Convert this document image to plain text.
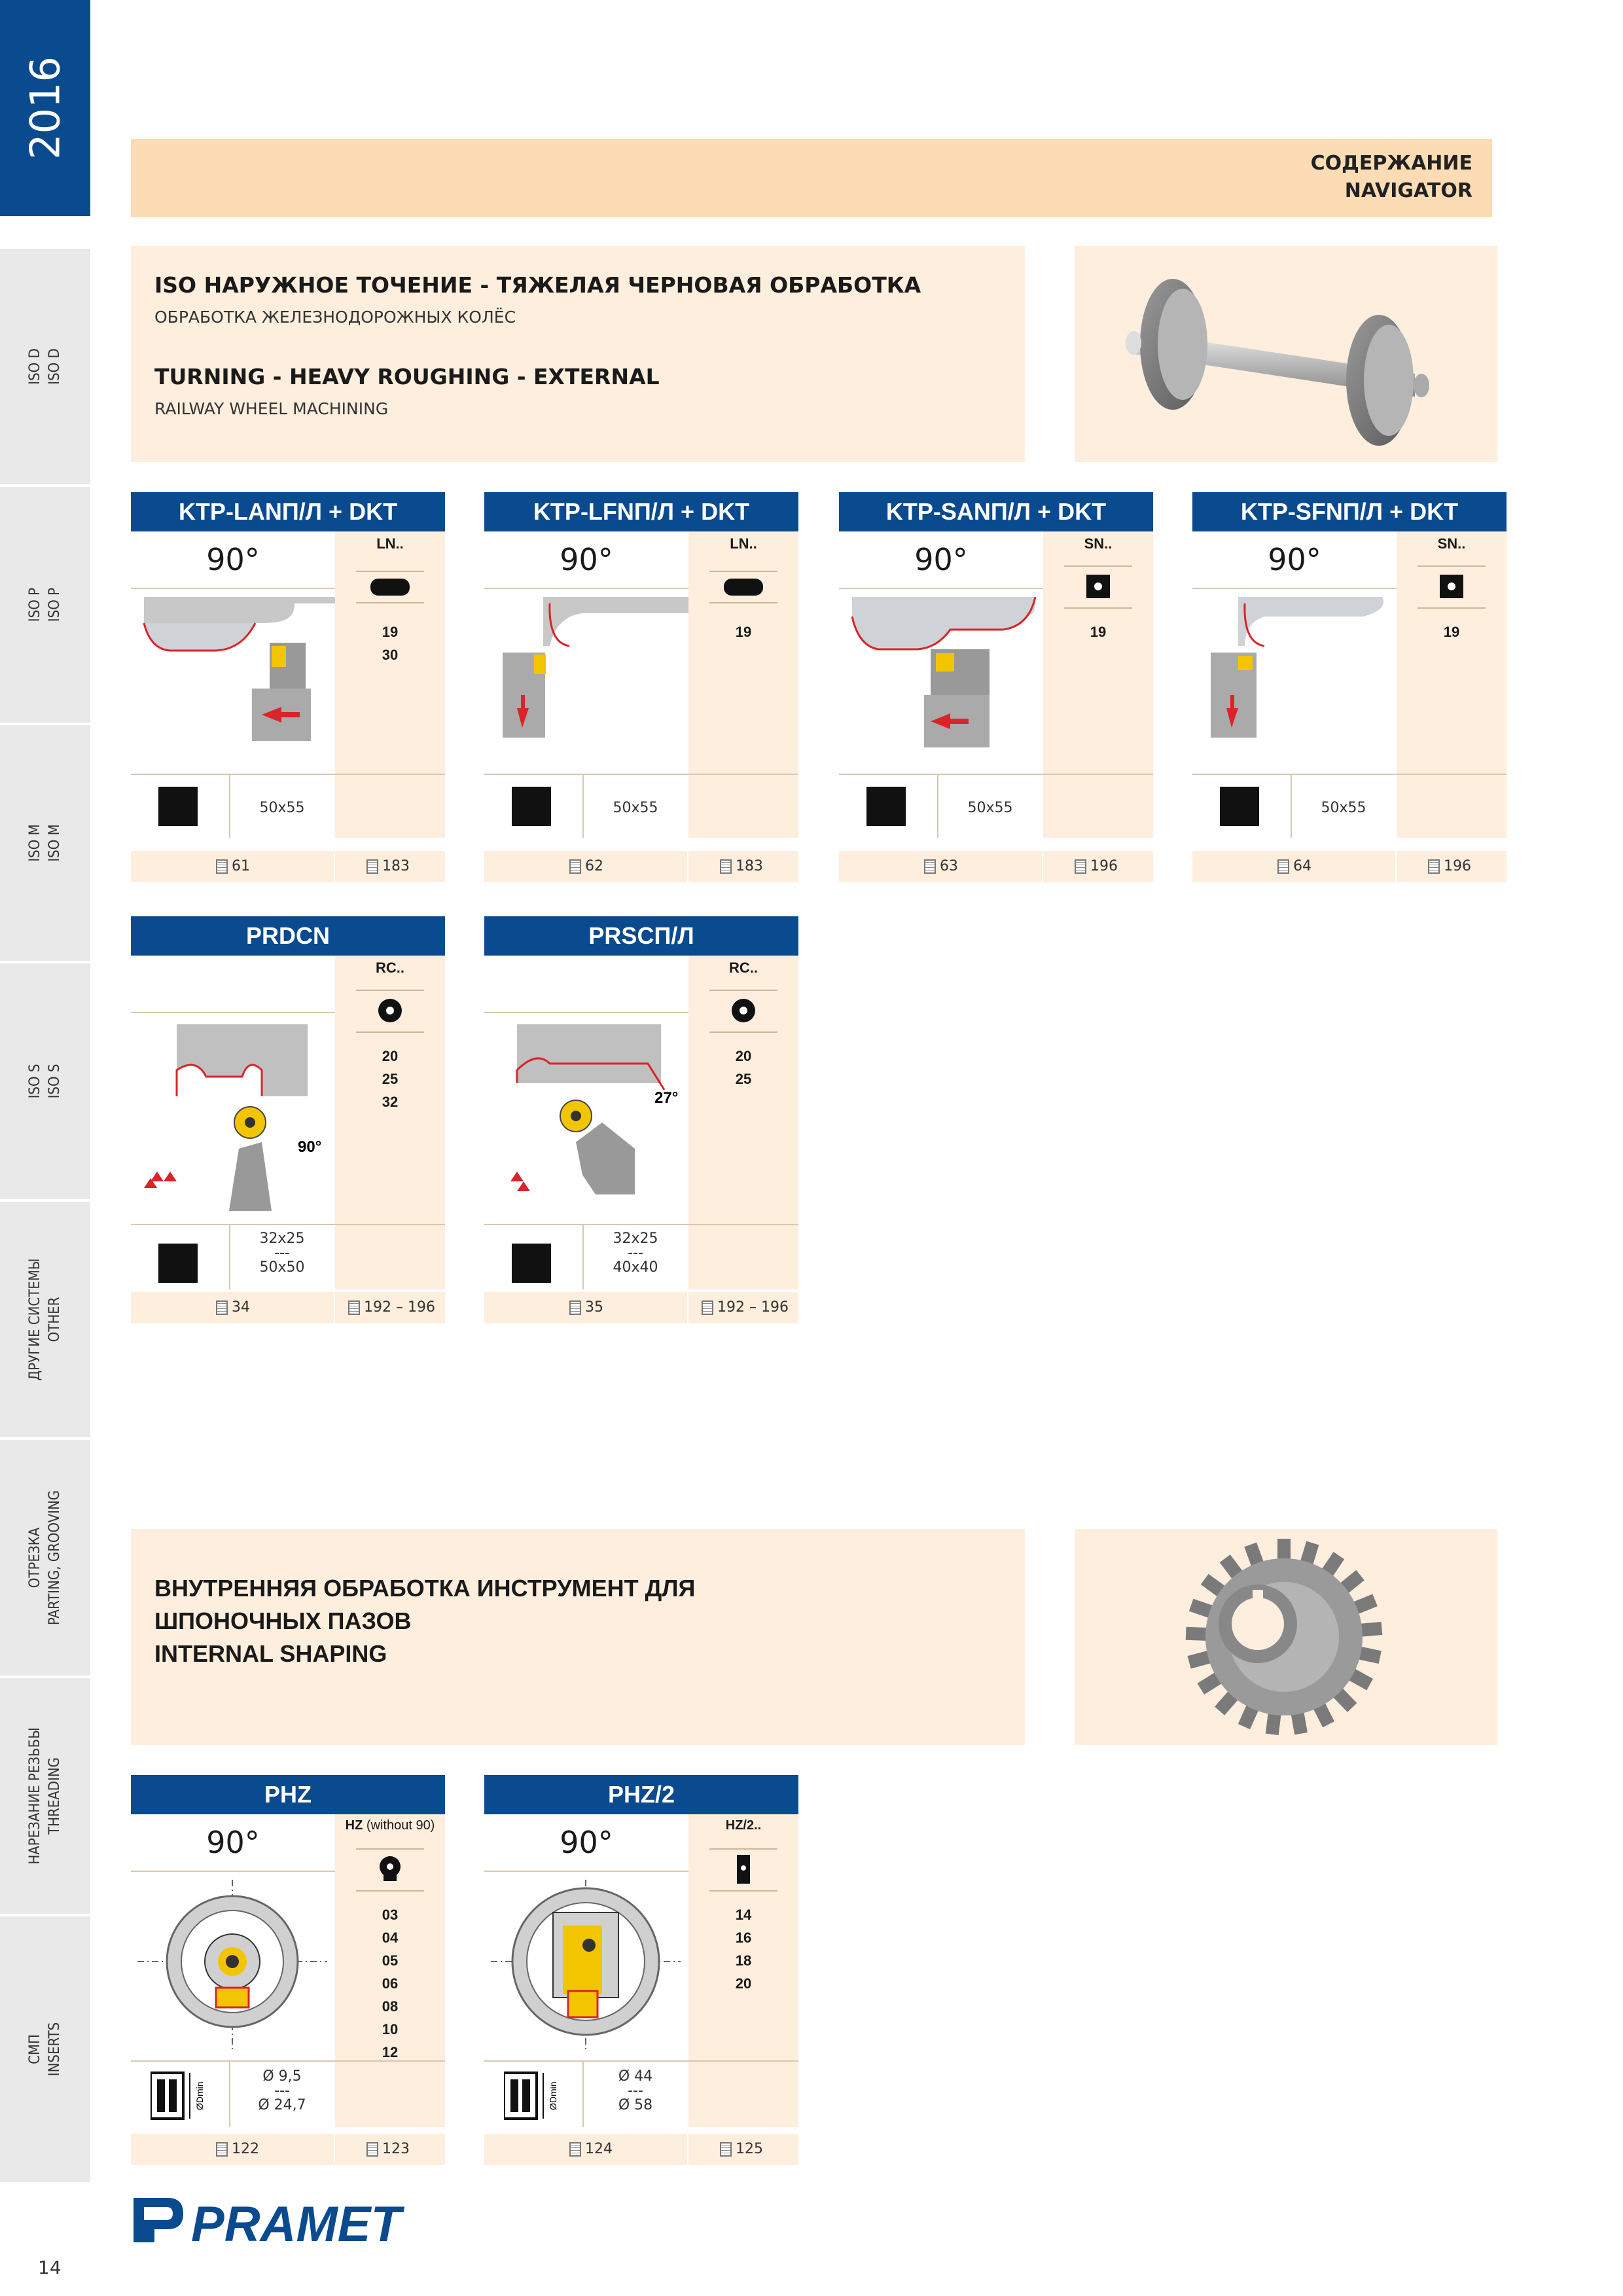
2016
ISO D ISO D
ISO P ISO P
ISO M ISO M
ISO S ISO S
ДРУГИЕ СИСТЕМЫ OTHER
ОТРЕЗКА PARTING, GROOVING
НАРЕЗАНИЕ РЕЗЬБЫ THREADING
СМП INSERTS
СОДЕРЖАНИЕ
NAVIGATOR
ISO НАРУЖНОЕ ТОЧЕНИЕ - ТЯЖЕЛАЯ ЧЕРНОВАЯ ОБРАБОТКА
ОБРАБОТКА ЖЕЛЕЗНОДОРОЖНЫХ КОЛЁС
TURNING - HEAVY ROUGHING - EXTERNAL
RAILWAY WHEEL MACHINING
KTP-LANП/Л + DKT
90°	LN..
19
30
50x55
61	183
KTP-LFNП/Л + DKT
90°	LN..
19
50x55
62	183
KTP-SANП/Л + DKT
90°	SN..
19
50x55
63	196
KTP-SFNП/Л + DKT
90°	SN..
19
50x55
64	196
PRDCN
RC..
20
25
32
90°
32x25
---
50x50
34	192 – 196
PRSCП/Л
RC..
20
25
27°
32x25
---
40x40
35	192 – 196
ВНУТРЕННЯЯ ОБРАБОТКА ИНСТРУМЕНТ ДЛЯ
ШПОНОЧНЫХ ПАЗОВ
INTERNAL SHAPING
PHZ
90°	HZ (without 90)
03
04
05
06
08
10
12
ØDmin
Ø 9,5
---
Ø 24,7
122	123
PHZ/2
90°	HZ/2..
14
16
18
20
ØDmin
Ø 44
---
Ø 58
124	125
PRAMET
14
